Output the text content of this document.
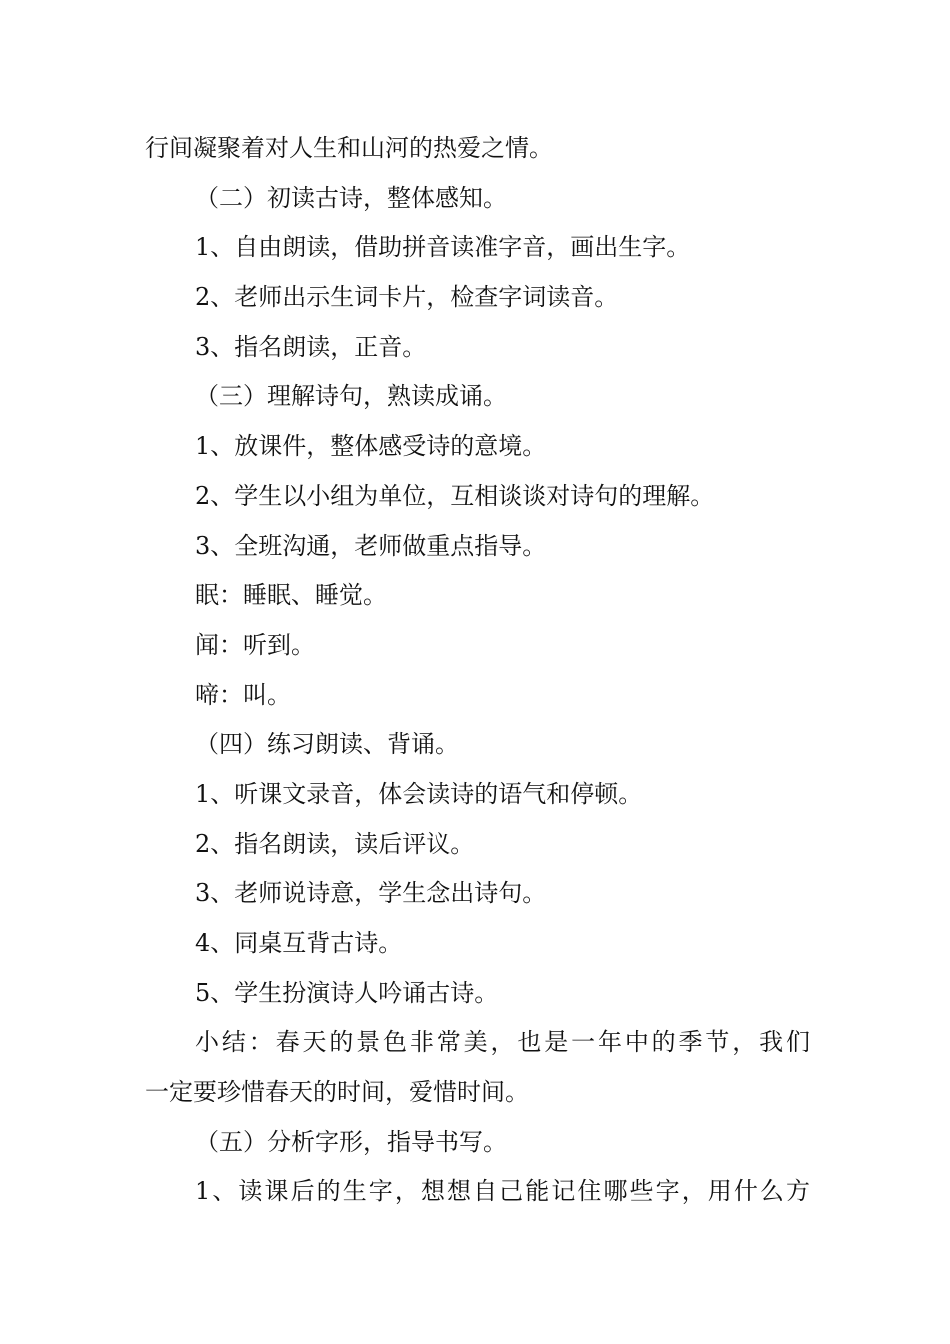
行间凝聚着对人生和山河的热爱之情。

（二）初读古诗，整体感知。

1、自由朗读，借助拼音读准字音，画出生字。

2、老师出示生词卡片，检查字词读音。

3、指名朗读，正音。

（三）理解诗句，熟读成诵。

1、放课件，整体感受诗的意境。

2、学生以小组为单位，互相谈谈对诗句的理解。

3、全班沟通，老师做重点指导。

眠：睡眠、睡觉。

闻：听到。

啼：叫。

（四）练习朗读、背诵。

1、听课文录音，体会读诗的语气和停顿。

2、指名朗读，读后评议。

3、老师说诗意，学生念出诗句。

4、同桌互背古诗。

5、学生扮演诗人吟诵古诗。

小结：春天的景色非常美，也是一年中的季节，我们

一定要珍惜春天的时间，爱惜时间。

（五）分析字形，指导书写。

1、读课后的生字，想想自己能记住哪些字，用什么方
